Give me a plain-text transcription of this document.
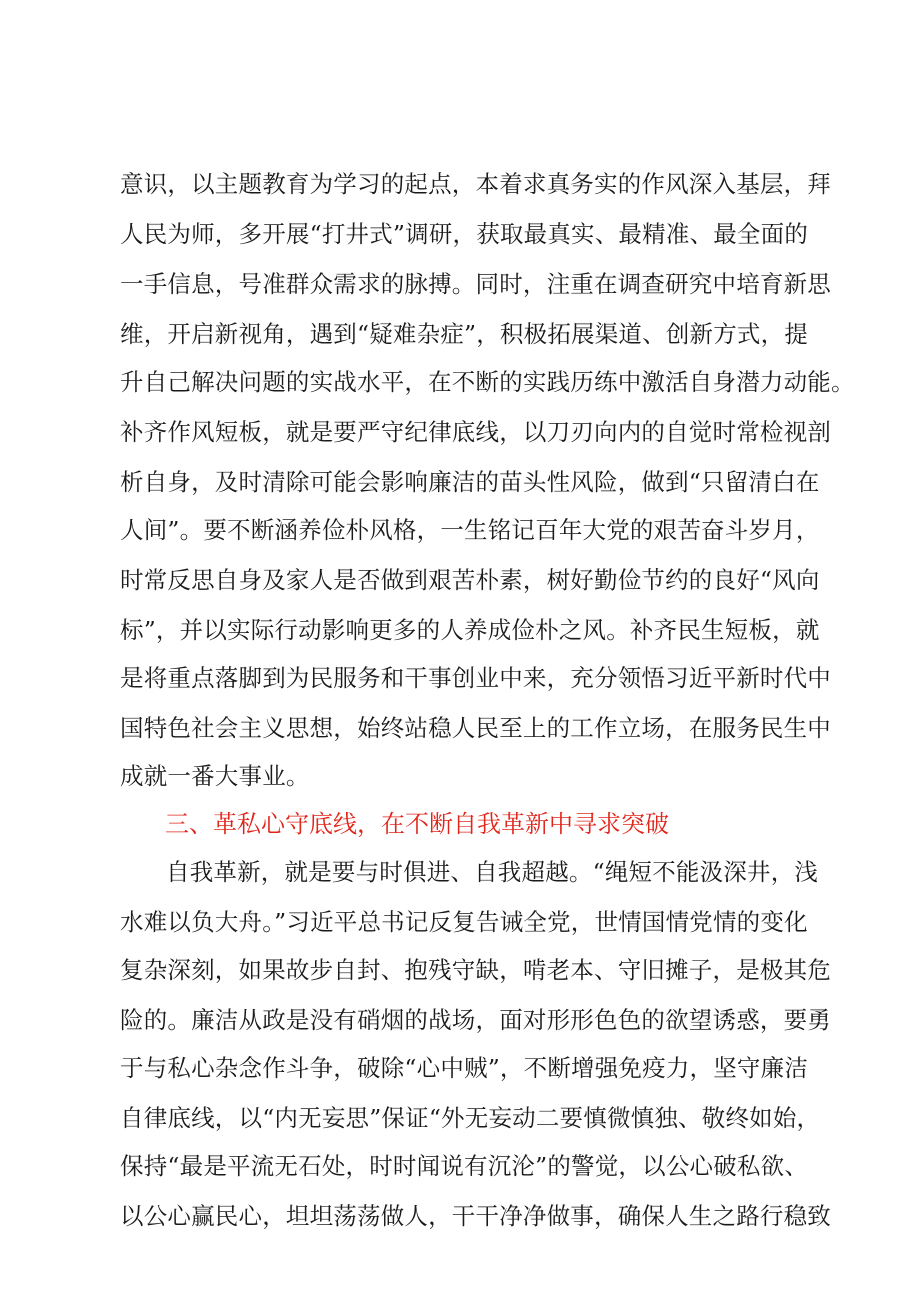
意识，以主题教育为学习的起点，本着求真务实的作风深入基层，拜
人民为师，多开展“打井式”调研，获取最真实、最精准、最全面的
一手信息，号准群众需求的脉搏。同时，注重在调查研究中培育新思
维，开启新视角，遇到“疑难杂症”，积极拓展渠道、创新方式，提
升自己解决问题的实战水平，在不断的实践历练中激活自身潜力动能。
补齐作风短板，就是要严守纪律底线，以刀刃向内的自觉时常检视剖
析自身，及时清除可能会影响廉洁的苗头性风险，做到“只留清白在
人间”。要不断涵养俭朴风格，一生铭记百年大党的艰苦奋斗岁月，
时常反思自身及家人是否做到艰苦朴素，树好勤俭节约的良好“风向
标”，并以实际行动影响更多的人养成俭朴之风。补齐民生短板，就
是将重点落脚到为民服务和干事创业中来，充分领悟习近平新时代中
国特色社会主义思想，始终站稳人民至上的工作立场，在服务民生中
成就一番大事业。
三、革私心守底线，在不断自我革新中寻求突破
自我革新，就是要与时俱进、自我超越。“绳短不能汲深井，浅
水难以负大舟。”习近平总书记反复告诫全党，世情国情党情的变化
复杂深刻，如果故步自封、抱残守缺，啃老本、守旧摊子，是极其危
险的。廉洁从政是没有硝烟的战场，面对形形色色的欲望诱惑，要勇
于与私心杂念作斗争，破除“心中贼”，不断增强免疫力，坚守廉洁
自律底线，以“内无妄思”保证“外无妄动二要慎微慎独、敬终如始，
保持“最是平流无石处，时时闻说有沉沦”的警觉，以公心破私欲、
以公心赢民心，坦坦荡荡做人，干干净净做事，确保人生之路行稳致
